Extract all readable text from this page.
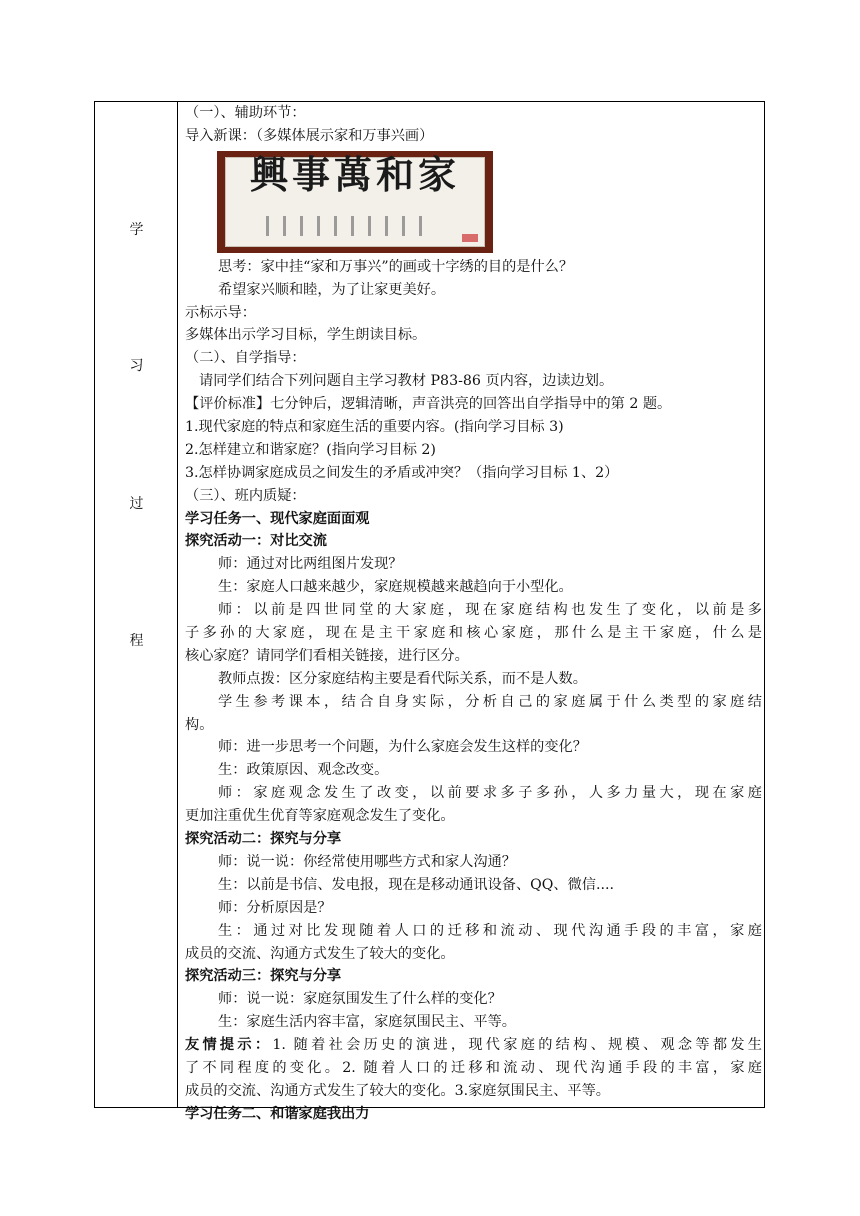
学
习
过
程
（一）、辅助环节：
导入新课：（多媒体展示家和万事兴画）
興事萬和家
思考：家中挂“家和万事兴”的画或十字绣的目的是什么？
希望家兴顺和睦，为了让家更美好。
示标示导：
多媒体出示学习目标，学生朗读目标。
（二）、自学指导：
请同学们结合下列问题自主学习教材 P83-86 页内容，边读边划。
【评价标准】七分钟后，逻辑清晰，声音洪亮的回答出自学指导中的第 2 题。
1.现代家庭的特点和家庭生活的重要内容。(指向学习目标 3)
2.怎样建立和谐家庭？(指向学习目标 2)
3.怎样协调家庭成员之间发生的矛盾或冲突？（指向学习目标 1、2）
（三）、班内质疑：
学习任务一、现代家庭面面观
探究活动一：对比交流
师：通过对比两组图片发现？
生：家庭人口越来越少，家庭规模越来越趋向于小型化。
师：以前是四世同堂的大家庭，现在家庭结构也发生了变化，以前是多
子多孙的大家庭，现在是主干家庭和核心家庭，那什么是主干家庭，什么是
核心家庭？请同学们看相关链接，进行区分。
教师点拨：区分家庭结构主要是看代际关系，而不是人数。
学生参考课本，结合自身实际，分析自己的家庭属于什么类型的家庭结
构。
师：进一步思考一个问题，为什么家庭会发生这样的变化？
生：政策原因、观念改变。
师：家庭观念发生了改变，以前要求多子多孙，人多力量大，现在家庭
更加注重优生优育等家庭观念发生了变化。
探究活动二：探究与分享
师：说一说：你经常使用哪些方式和家人沟通？
生：以前是书信、发电报，现在是移动通讯设备、QQ、微信....
师：分析原因是？
生：通过对比发现随着人口的迁移和流动、现代沟通手段的丰富，家庭
成员的交流、沟通方式发生了较大的变化。
探究活动三：探究与分享
师：说一说：家庭氛围发生了什么样的变化？
生：家庭生活内容丰富，家庭氛围民主、平等。
友情提示：1. 随着社会历史的演进，现代家庭的结构、规模、观念等都发生
了不同程度的变化。2. 随着人口的迁移和流动、现代沟通手段的丰富，家庭
成员的交流、沟通方式发生了较大的变化。3.家庭氛围民主、平等。
学习任务二、和谐家庭我出力
